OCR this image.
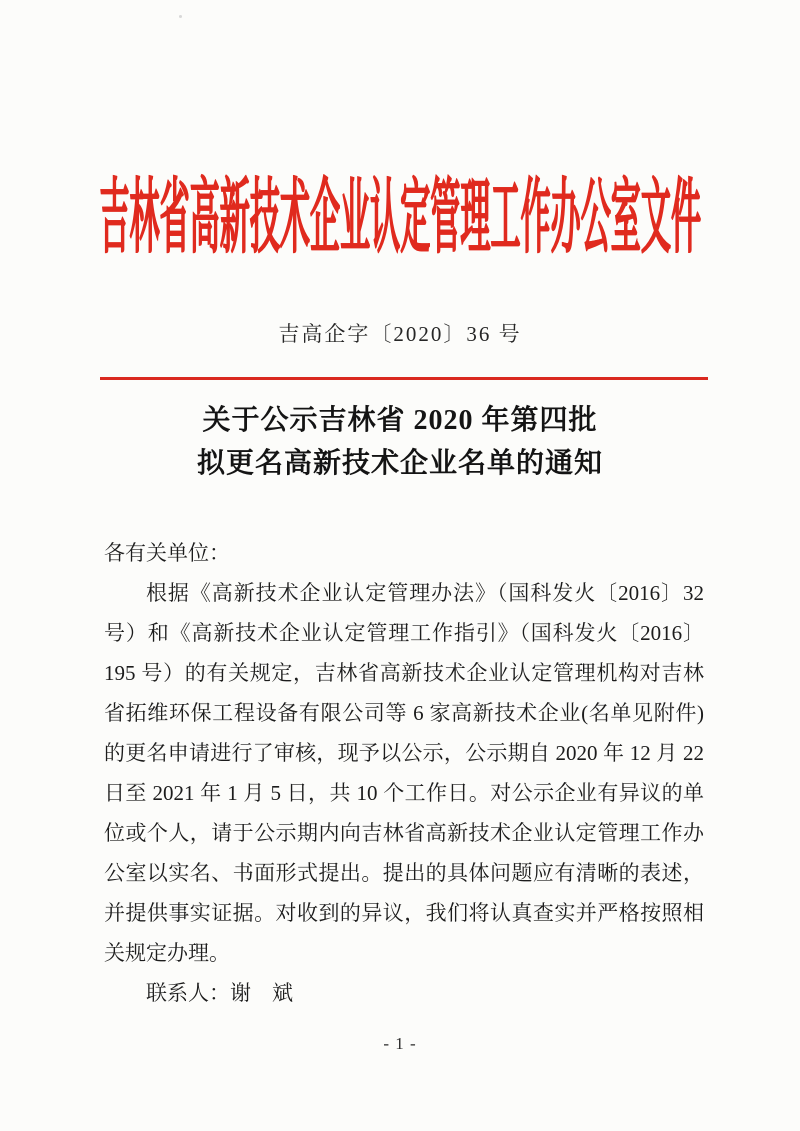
吉林省高新技术企业认定管理工作办公室文件
吉高企字〔2020〕36 号
关于公示吉林省 2020 年第四批
拟更名高新技术企业名单的通知
各有关单位：
根据《高新技术企业认定管理办法》（国科发火〔2016〕32
号）和《高新技术企业认定管理工作指引》（国科发火〔2016〕
195 号）的有关规定，吉林省高新技术企业认定管理机构对吉林
省拓维环保工程设备有限公司等 6 家高新技术企业(名单见附件)
的更名申请进行了审核，现予以公示，公示期自 2020 年 12 月 22
日至 2021 年 1 月 5 日，共 10 个工作日。对公示企业有异议的单
位或个人，请于公示期内向吉林省高新技术企业认定管理工作办
公室以实名、书面形式提出。提出的具体问题应有清晰的表述，
并提供事实证据。对收到的异议，我们将认真查实并严格按照相
关规定办理。
联系人：谢　斌
- 1 -
